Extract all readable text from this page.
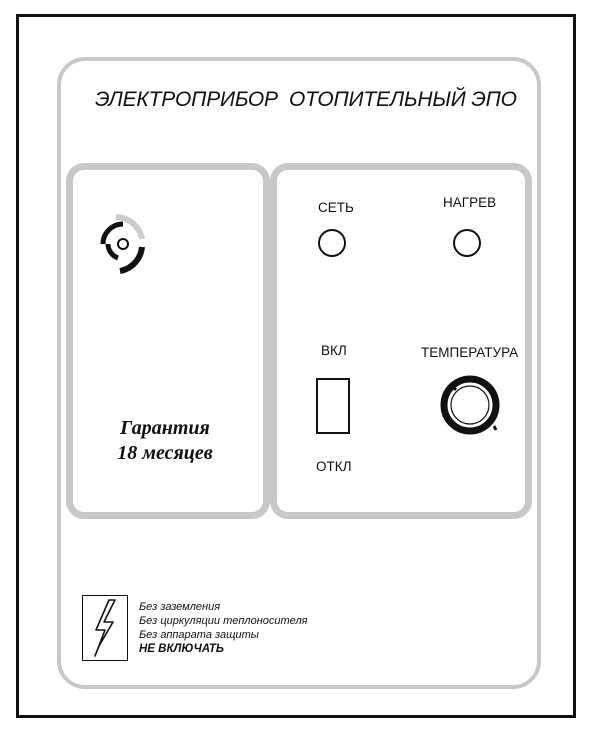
ЭЛЕКТРОПРИБОР  ОТОПИТЕЛЬНЫЙ ЭПО
Гарантия
18 месяцев
СЕТЬ	НАГРЕВ
ВКЛ
ОТКЛ
ТЕМПЕРАТУРА
Без заземления
Без циркуляции теплоносителя
Без аппарата защиты
НЕ ВКЛЮЧАТЬ
